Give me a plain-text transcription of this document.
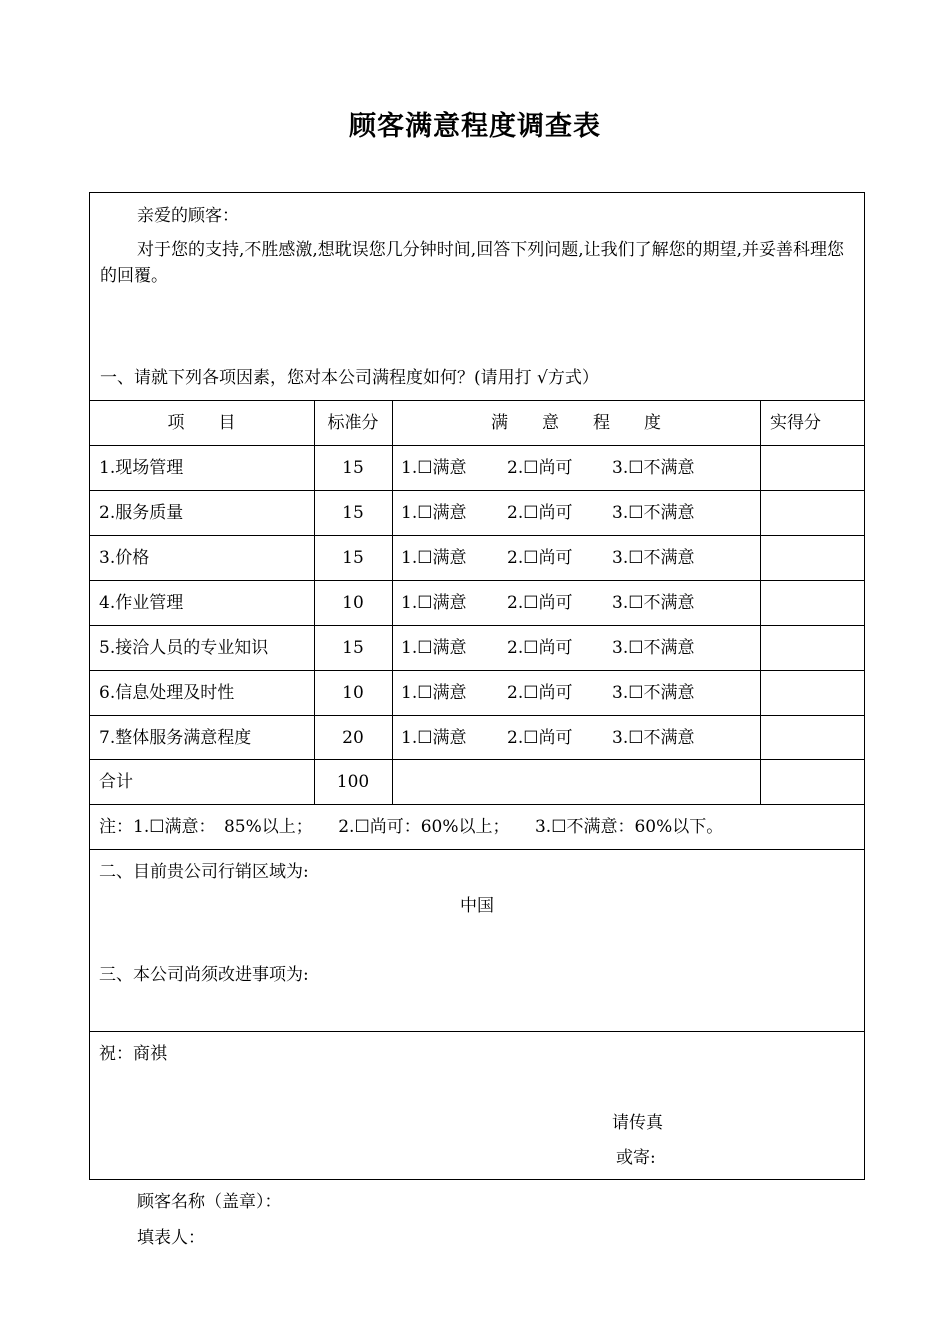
顾客满意程度调查表
亲爱的顾客：
对于您的支持,不胜感激,想耽误您几分钟时间,回答下列问题,让我们了解您的期望,并妥善科理您的回覆。
一、请就下列各项因素，您对本公司满程度如何？(请用打 √方式）
项　　目	标准分	满　　意　　程　　度	实得分
1.现场管理	15	1.☐满意 2.☐尚可 3.☐不满意
2.服务质量	15	1.☐满意 2.☐尚可 3.☐不满意
3.价格	15	1.☐满意 2.☐尚可 3.☐不满意
4.作业管理	10	1.☐满意 2.☐尚可 3.☐不满意
5.接洽人员的专业知识	15	1.☐满意 2.☐尚可 3.☐不满意
6.信息处理及时性	10	1.☐满意 2.☐尚可 3.☐不满意
7.整体服务满意程度	20	1.☐满意 2.☐尚可 3.☐不满意
合计	100
注：1.☐满意：　85%以上；　　2.☐尚可：60%以上；　　3.☐不满意：60%以下。
二、目前贵公司行销区域为:
中国
三、本公司尚须改进事项为:
祝：商祺
请传真
或寄:
顾客名称（盖章）：
填表人：
